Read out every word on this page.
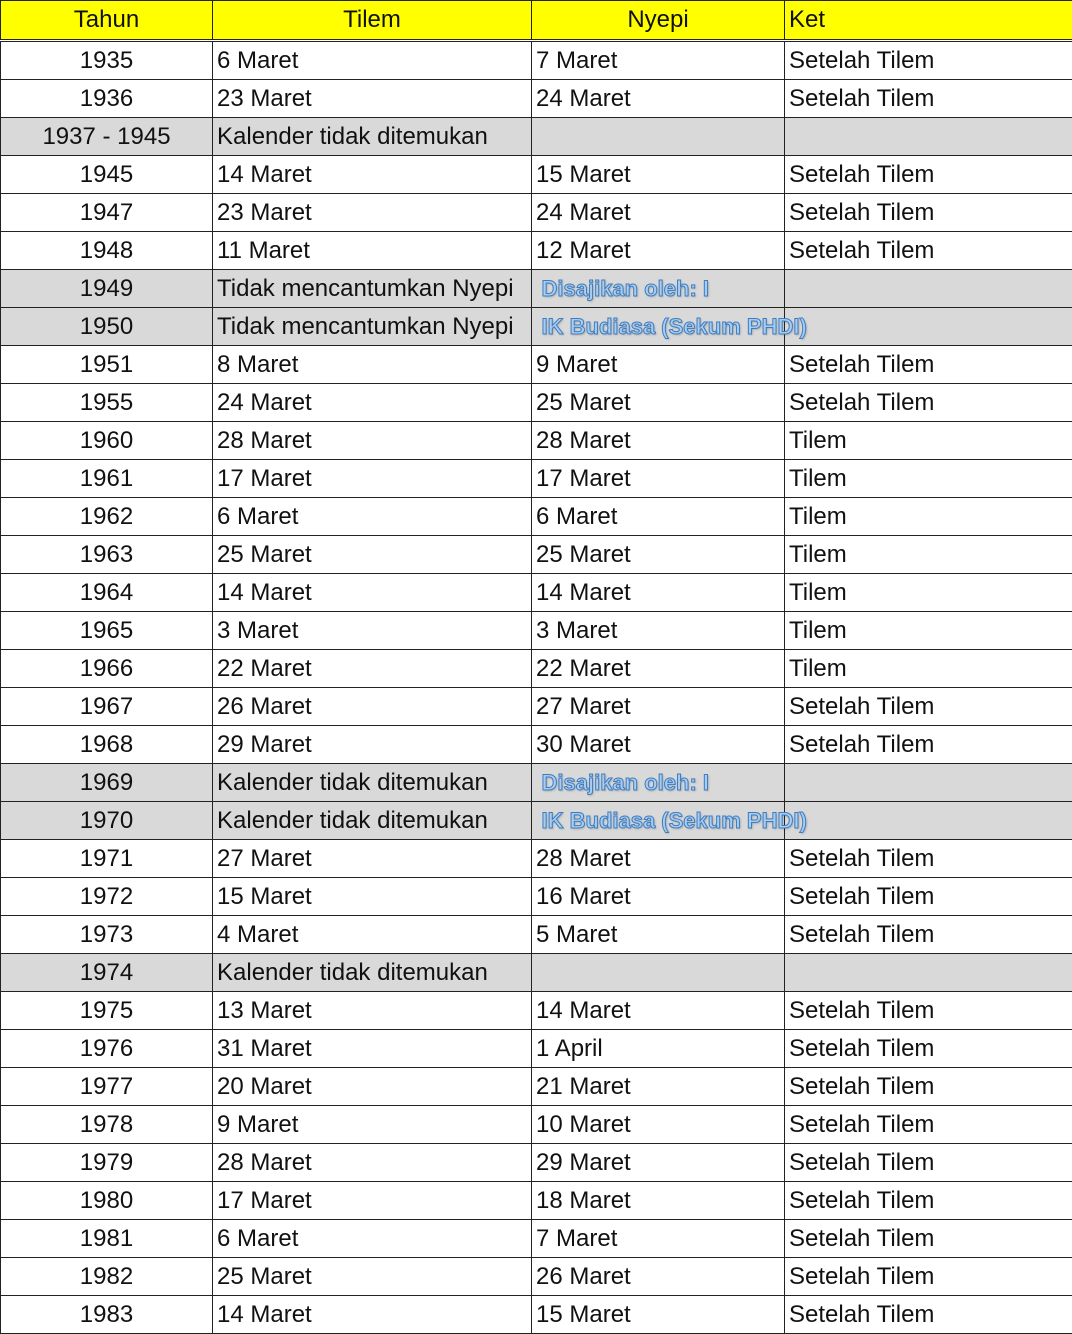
Tahun	Tilem	Nyepi	Ket
1935	6 Maret	7 Maret	Setelah Tilem
1936	23 Maret	24 Maret	Setelah Tilem
1937 - 1945	Kalender tidak ditemukan		
1945	14 Maret	15 Maret	Setelah Tilem
1947	23 Maret	24 Maret	Setelah Tilem
1948	11 Maret	12 Maret	Setelah Tilem
1949	Tidak mencantumkan Nyepi		
1950	Tidak mencantumkan Nyepi		
1951	8 Maret	9 Maret	Setelah Tilem
1955	24 Maret	25 Maret	Setelah Tilem
1960	28 Maret	28 Maret	Tilem
1961	17 Maret	17 Maret	Tilem
1962	6 Maret	6 Maret	Tilem
1963	25 Maret	25 Maret	Tilem
1964	14 Maret	14 Maret	Tilem
1965	3 Maret	3 Maret	Tilem
1966	22 Maret	22 Maret	Tilem
1967	26 Maret	27 Maret	Setelah Tilem
1968	29 Maret	30 Maret	Setelah Tilem
1969	Kalender tidak ditemukan		
1970	Kalender tidak ditemukan		
1971	27 Maret	28 Maret	Setelah Tilem
1972	15 Maret	16 Maret	Setelah Tilem
1973	4 Maret	5 Maret	Setelah Tilem
1974	Kalender tidak ditemukan		
1975	13 Maret	14 Maret	Setelah Tilem
1976	31 Maret	1 April	Setelah Tilem
1977	20 Maret	21 Maret	Setelah Tilem
1978	9 Maret	10 Maret	Setelah Tilem
1979	28 Maret	29 Maret	Setelah Tilem
1980	17 Maret	18 Maret	Setelah Tilem
1981	6 Maret	7 Maret	Setelah Tilem
1982	25 Maret	26 Maret	Setelah Tilem
1983	14 Maret	15 Maret	Setelah Tilem
Disajikan oleh: I
IK Budiasa (Sekum PHDI)
Disajikan oleh: I
IK Budiasa (Sekum PHDI)
